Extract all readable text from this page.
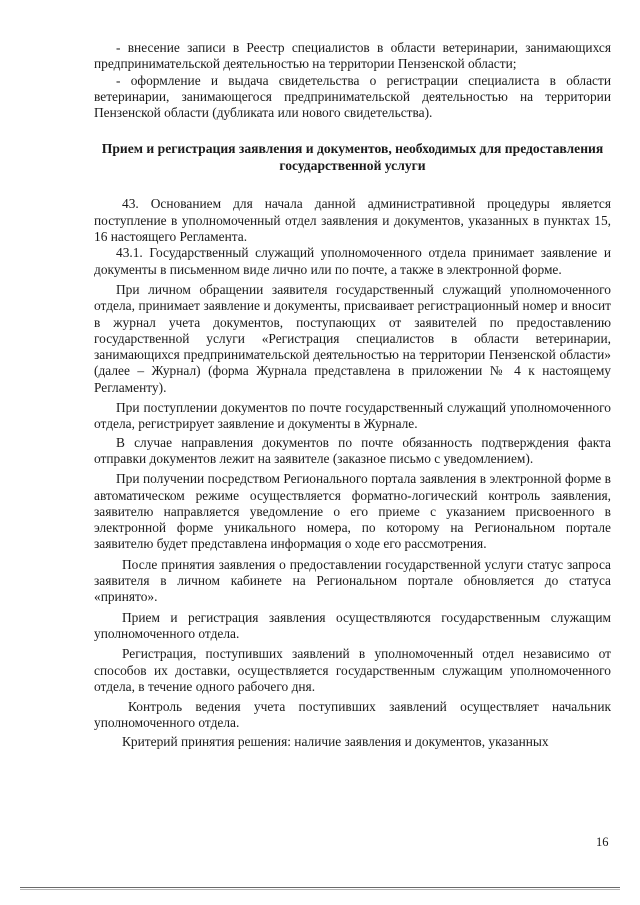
- внесение записи в Реестр специалистов в области ветеринарии, занимающихся предпринимательской деятельностью на территории Пензенской области;

- оформление и выдача свидетельства о регистрации специалиста в области ветеринарии, занимающегося предпринимательской деятельностью на территории Пензенской области (дубликата или нового свидетельства).

Прием и регистрация заявления и документов, необходимых для предоставления государственной услуги

43. Основанием для начала данной административной процедуры является поступление в уполномоченный отдел заявления и документов, указанных в пунктах 15, 16 настоящего Регламента.

43.1. Государственный служащий уполномоченного отдела принимает заявление и документы в письменном виде лично или по почте, а также в электронной форме.

При личном обращении заявителя государственный служащий уполномоченного отдела, принимает заявление и документы, присваивает регистрационный номер и вносит в журнал учета документов, поступающих от заявителей по предоставлению государственной услуги «Регистрация специалистов в области ветеринарии, занимающихся предпринимательской деятельностью на территории Пензенской области» (далее – Журнал) (форма Журнала представлена в приложении № 4 к настоящему Регламенту).

При поступлении документов по почте государственный служащий уполномоченного отдела, регистрирует заявление и документы в Журнале.

В случае направления документов по почте обязанность подтверждения факта отправки документов лежит на заявителе (заказное письмо с уведомлением).

При получении посредством Регионального портала заявления в электронной форме в автоматическом режиме осуществляется форматно-логический контроль заявления, заявителю направляется уведомление о его приеме с указанием присвоенного в электронной форме уникального номера, по которому на Региональном портале заявителю будет представлена информация о ходе его рассмотрения.

После принятия заявления о предоставлении государственной услуги статус запроса заявителя в личном кабинете на Региональном портале обновляется до статуса «принято».

Прием и регистрация заявления осуществляются государственным служащим уполномоченного отдела.

Регистрация, поступивших заявлений в уполномоченный отдел независимо от способов их доставки, осуществляется государственным служащим уполномоченного отдела, в течение одного рабочего дня.

Контроль ведения учета поступивших заявлений осуществляет начальник уполномоченного отдела.

Критерий принятия решения: наличие заявления и документов, указанных

16
